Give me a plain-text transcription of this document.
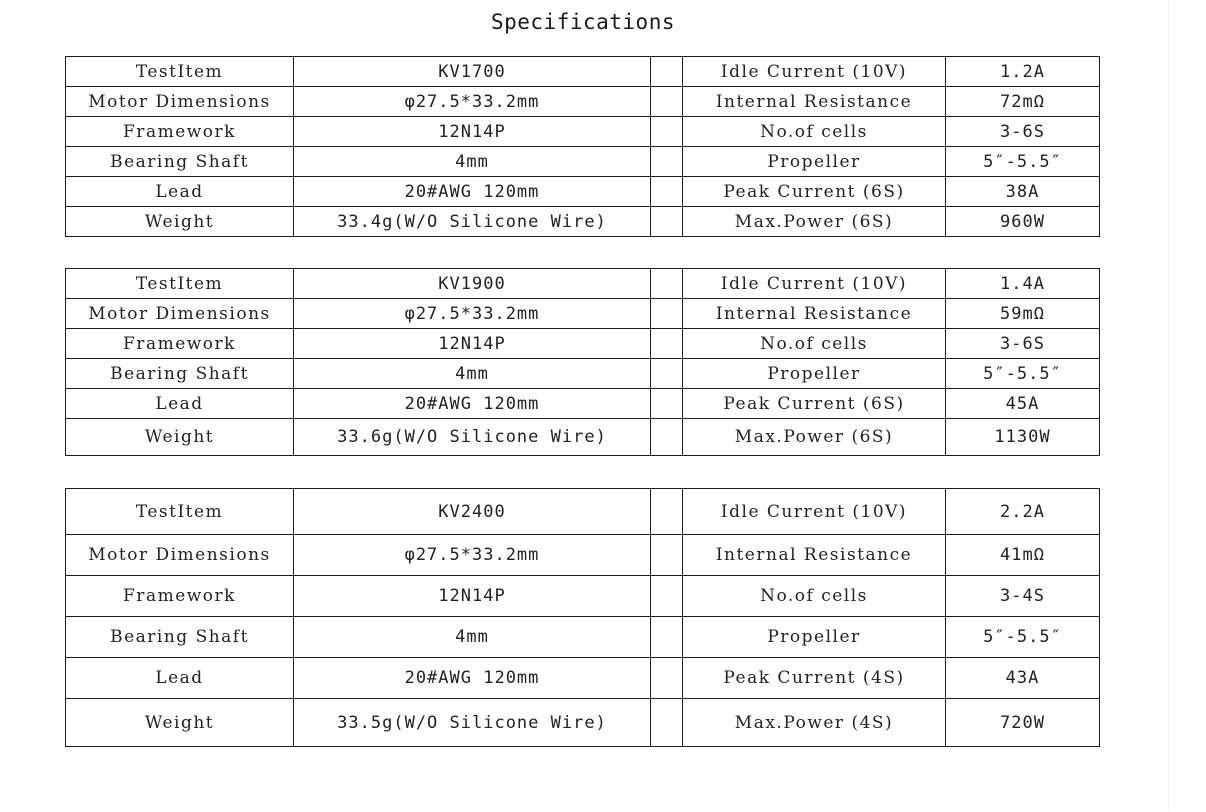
Specifications
TestItem	KV1700		Idle Current (10V)	1.2A
Motor Dimensions	φ27.5*33.2mm		Internal Resistance	72mΩ
Framework	12N14P		No.of cells	3-6S
Bearing Shaft	4mm		Propeller	5″-5.5″
Lead	20#AWG 120mm		Peak Current (6S)	38A
Weight	33.4g(W/O Silicone Wire)		Max.Power (6S)	960W
TestItem	KV1900		Idle Current (10V)	1.4A
Motor Dimensions	φ27.5*33.2mm		Internal Resistance	59mΩ
Framework	12N14P		No.of cells	3-6S
Bearing Shaft	4mm		Propeller	5″-5.5″
Lead	20#AWG 120mm		Peak Current (6S)	45A
Weight	33.6g(W/O Silicone Wire)		Max.Power (6S)	1130W
TestItem	KV2400		Idle Current (10V)	2.2A
Motor Dimensions	φ27.5*33.2mm		Internal Resistance	41mΩ
Framework	12N14P		No.of cells	3-4S
Bearing Shaft	4mm		Propeller	5″-5.5″
Lead	20#AWG 120mm		Peak Current (4S)	43A
Weight	33.5g(W/O Silicone Wire)		Max.Power (4S)	720W
